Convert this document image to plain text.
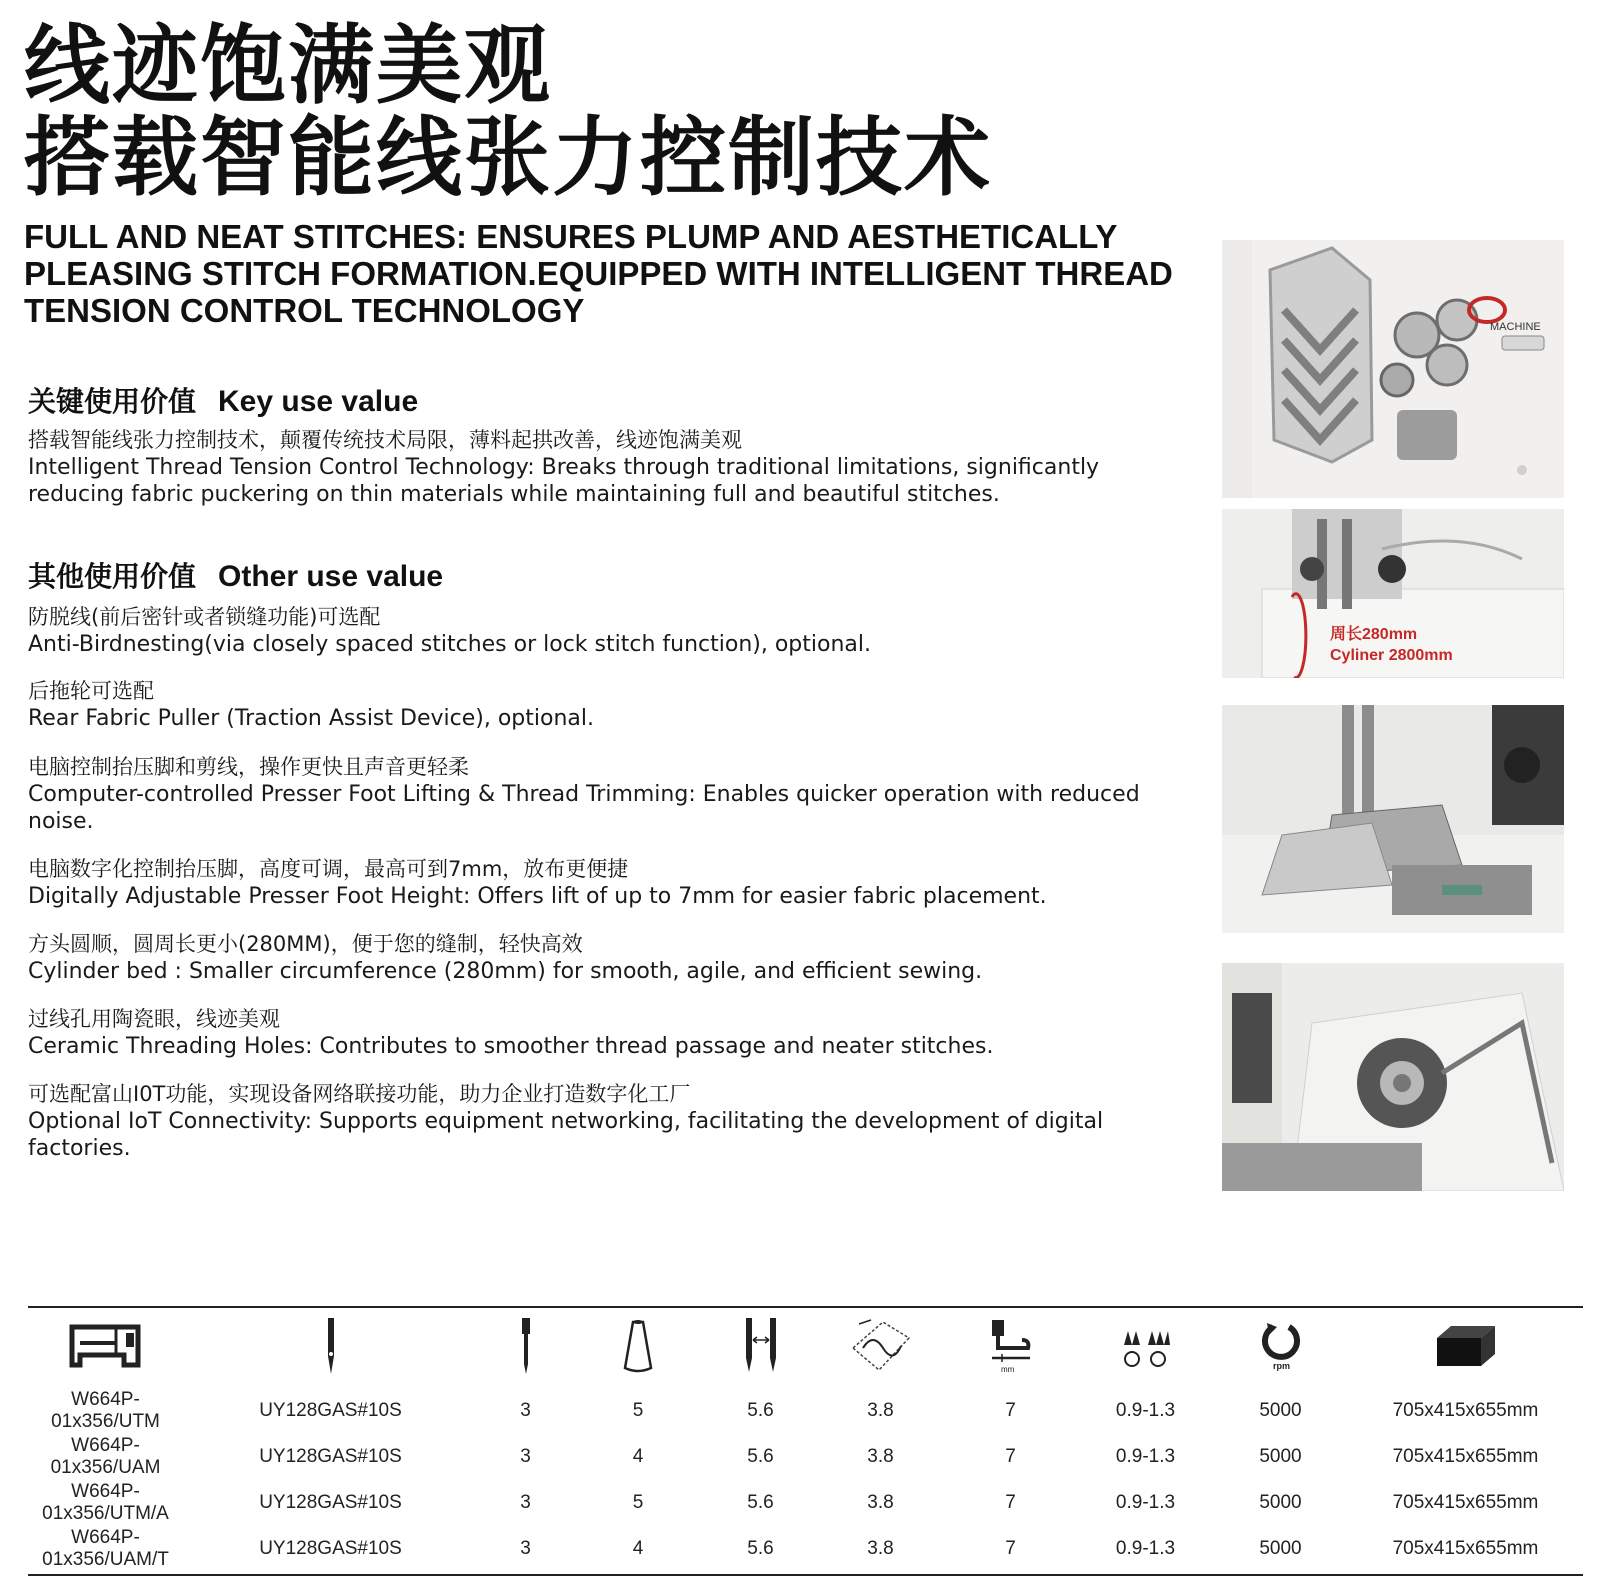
线迹饱满美观
搭载智能线张力控制技术
FULL AND NEAT STITCHES: ENSURES PLUMP AND AESTHETICALLY PLEASING STITCH FORMATION.EQUIPPED WITH INTELLIGENT THREAD TENSION CONTROL TECHNOLOGY
关键使用价值 Key use value
搭载智能线张力控制技术，颠覆传统技术局限，薄料起拱改善，线迹饱满美观
Intelligent Thread Tension Control Technology: Breaks through traditional limitations, significantly reducing fabric puckering on thin materials while maintaining full and beautiful stitches.
其他使用价值 Other use value
防脱线(前后密针或者锁缝功能)可选配
Anti-Birdnesting(via closely spaced stitches or lock stitch function), optional.
后拖轮可选配
Rear Fabric Puller (Traction Assist Device), optional.
电脑控制抬压脚和剪线，操作更快且声音更轻柔
Computer-controlled Presser Foot Lifting & Thread Trimming: Enables quicker operation with reduced noise.
电脑数字化控制抬压脚，高度可调，最高可到7mm，放布更便捷
Digitally Adjustable Presser Foot Height: Offers lift of up to 7mm for easier fabric placement.
方头圆顺，圆周长更小(280MM)，便于您的缝制，轻快高效
Cylinder bed : Smaller circumference (280mm) for smooth, agile, and efficient sewing.
过线孔用陶瓷眼，线迹美观
Ceramic Threading Holes: Contributes to smoother thread passage and neater stitches.
可选配富山I0T功能，实现设备网络联接功能，助力企业打造数字化工厂
Optional IoT Connectivity: Supports equipment networking, facilitating the development of digital factories.
MACHINE
周长280mm
Cyliner 2800mm

mm		rpm

W664P-01x356/UTM	UY128GAS#10S	3	5	5.6	3.8	7	0.9-1.3	5000	705x415x655mm
W664P-01x356/UAM	UY128GAS#10S	3	4	5.6	3.8	7	0.9-1.3	5000	705x415x655mm
W664P-01x356/UTM/A	UY128GAS#10S	3	5	5.6	3.8	7	0.9-1.3	5000	705x415x655mm
W664P-01x356/UAM/T	UY128GAS#10S	3	4	5.6	3.8	7	0.9-1.3	5000	705x415x655mm
